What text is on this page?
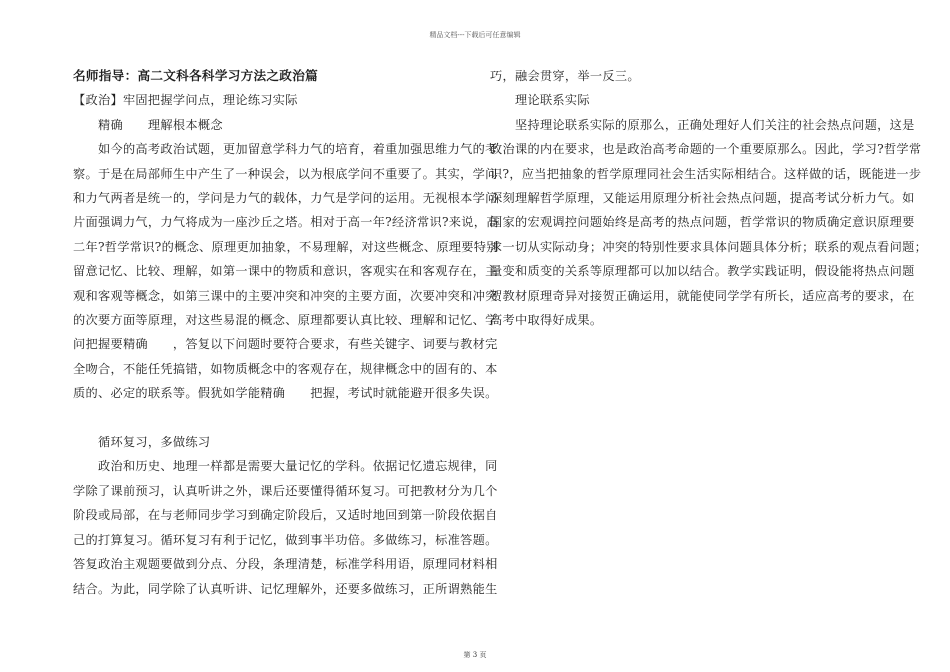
精品文档---下载后可任意编辑
名师指导：高二文科各科学习方法之政治篇
【政治】牢固把握学问点，理论练习实际
　　精确　　理解根本概念
　　如今的高考政治试题，更加留意学科力气的培育，着重加强思维力气的考
察。于是在局部师生中产生了一种误会，以为根底学问不重要了。其实，学问
和力气两者是统一的，学问是力气的载体，力气是学问的运用。无视根本学问
片面强调力气，力气将成为一座沙丘之塔。相对于高一年?经济常识?来说，高
二年?哲学常识?的概念、原理更加抽象，不易理解，对这些概念、原理要特别
留意记忆、比较、理解，如第一课中的物质和意识，客观实在和客观存在，主
观和客观等概念，如第三课中的主要冲突和冲突的主要方面，次要冲突和冲突
的次要方面等原理，对这些易混的概念、原理都要认真比较、理解和记忆、学
问把握要精确　　，答复以下问题时要符合要求，有些关键字、词要与教材完
全吻合，不能任凭搞错，如物质概念中的客观存在，规律概念中的固有的、本
质的、必定的联系等。假犹如学能精确　　把握，考试时就能避开很多失误。
　　循环复习，多做练习
　　政治和历史、地理一样都是需要大量记忆的学科。依据记忆遗忘规律，同
学除了课前预习，认真听讲之外，课后还要懂得循环复习。可把教材分为几个
阶段或局部，在与老师同步学习到确定阶段后，又适时地回到第一阶段依据自
己的打算复习。循环复习有利于记忆，做到事半功倍。多做练习，标准答题。
答复政治主观题要做到分点、分段，条理清楚，标准学科用语，原理同材料相
结合。为此，同学除了认真听讲、记忆理解外，还要多做练习，正所谓熟能生
巧，融会贯穿，举一反三。
　　理论联系实际
　　坚持理论联系实际的原那么，正确处理好人们关注的社会热点问题，这是
政治课的内在要求，也是政治高考命题的一个重要原那么。因此，学习?哲学常
识?，应当把抽象的哲学原理同社会生活实际相结合。这样做的话，既能进一步
深刻理解哲学原理，又能运用原理分析社会热点问题，提高考试分析力气。如
国家的宏观调控问题始终是高考的热点问题，哲学常识的物质确定意识原理要
求一切从实际动身；冲突的特别性要求具体问题具体分析；联系的观点看问题；
量变和质变的关系等原理都可以加以结合。教学实践证明，假设能将热点问题
贺教材原理奇异对接贺正确运用，就能使同学学有所长，适应高考的要求，在
高考中取得好成果。
第 3 页
